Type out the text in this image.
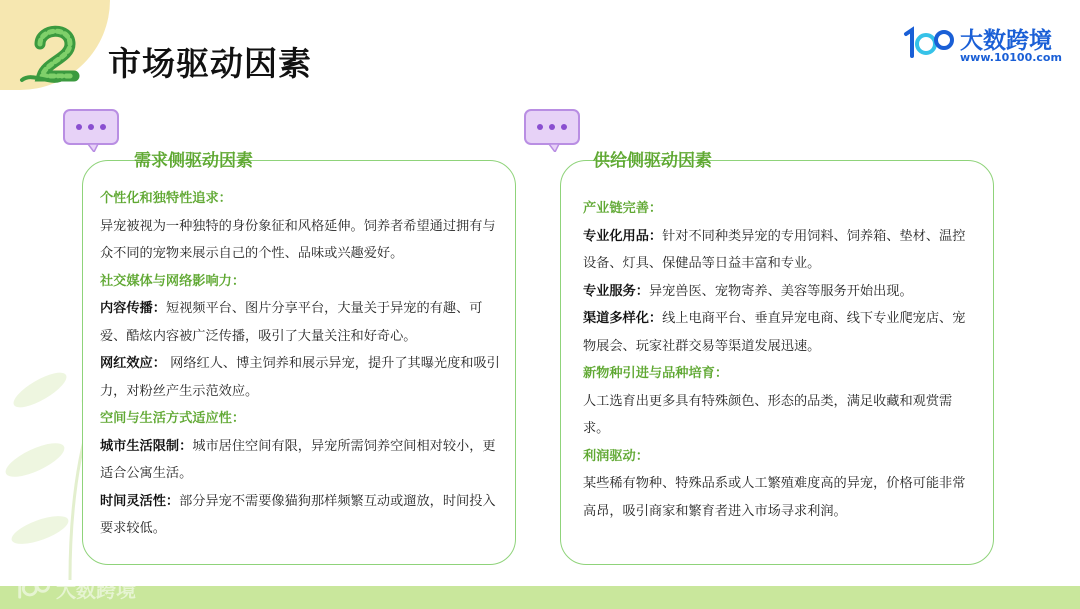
市场驱动因素
大数跨境
www.10100.com
需求侧驱动因素

个性化和独特性追求：

异宠被视为一种独特的身份象征和风格延伸。饲养者希望通过拥有与众不同的宠物来展示自己的个性、品味或兴趣爱好。

社交媒体与网络影响力：

内容传播：短视频平台、图片分享平台，大量关于异宠的有趣、可爱、酷炫内容被广泛传播，吸引了大量关注和好奇心。

网红效应： 网络红人、博主饲养和展示异宠，提升了其曝光度和吸引力，对粉丝产生示范效应。

空间与生活方式适应性：

城市生活限制：城市居住空间有限，异宠所需饲养空间相对较小，更适合公寓生活。

时间灵活性：部分异宠不需要像猫狗那样频繁互动或遛放，时间投入要求较低。

供给侧驱动因素

产业链完善：

专业化用品：针对不同种类异宠的专用饲料、饲养箱、垫材、温控设备、灯具、保健品等日益丰富和专业。

专业服务：异宠兽医、宠物寄养、美容等服务开始出现。

渠道多样化：线上电商平台、垂直异宠电商、线下专业爬宠店、宠物展会、玩家社群交易等渠道发展迅速。

新物种引进与品种培育：

人工选育出更多具有特殊颜色、形态的品类，满足收藏和观赏需求。

利润驱动：

某些稀有物种、特殊品系或人工繁殖难度高的异宠，价格可能非常高昂，吸引商家和繁育者进入市场寻求利润。

大数跨境
